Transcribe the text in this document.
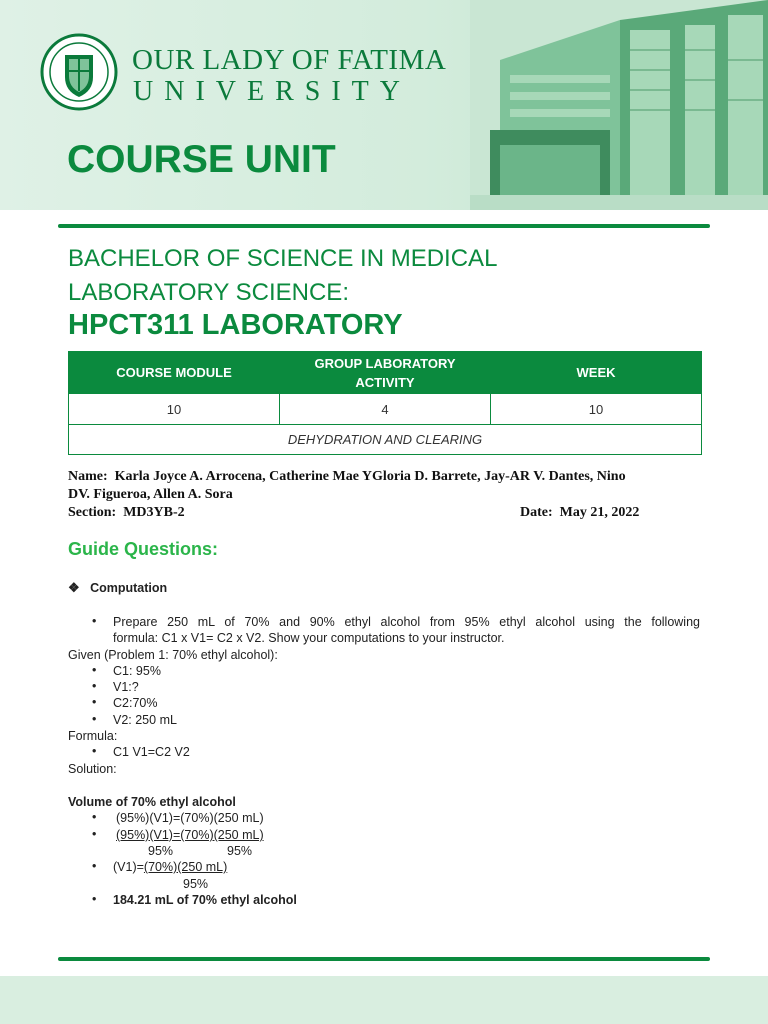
OUR LADY OF FATIMA
UNIVERSITY
COURSE UNIT
BACHELOR OF SCIENCE IN MEDICAL
LABORATORY SCIENCE:
HPCT311 LABORATORY
COURSE MODULE	GROUP LABORATORY ACTIVITY	WEEK
10	4	10
DEHYDRATION AND CLEARING		
Name: Karla Joyce A. Arrocena, Catherine Mae YGloria D. Barrete, Jay-AR V. Dantes, Nino
DV. Figueroa, Allen A. Sora
Section: MD3YB-2	Date: May 21, 2022
Guide Questions:
❖ Computation
• Prepare 250 mL of 70% and 90% ethyl alcohol from 95% ethyl alcohol using the following
formula: C1 x V1= C2 x V2. Show your computations to your instructor.
Given (Problem 1: 70% ethyl alcohol):
• C1: 95%
• V1:?
• C2:70%
• V2: 250 mL
Formula:
• C1 V1=C2 V2
Solution:
Volume of 70% ethyl alcohol
• (95%)(V1)=(70%)(250 mL)
• (95%)(V1)=(70%)(250 mL)
95%	95%
• (V1)=(70%)(250 mL)
95%
• 184.21 mL of 70% ethyl alcohol
